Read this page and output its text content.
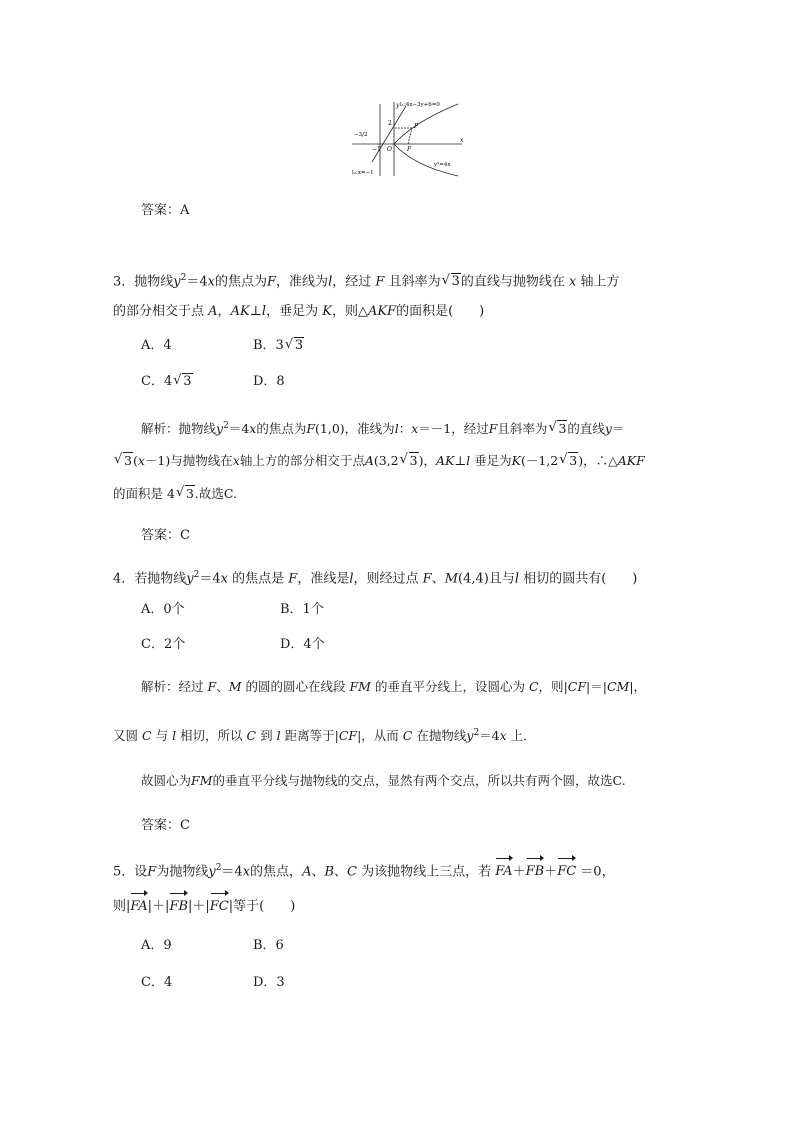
y
x
l₁:4x−3y+6=0
y²=4x
l₂:x=−1
−3/2
2
−1 O	F
P
答案：A
3．抛物线$y^2=4x$的焦点为F，准线为l，经过 F 且斜率为 √ 3的直线与抛物线在 x 轴上方
的部分相交于点 A，AK⊥l，垂足为 K，则△AKF的面积是(　　)
A．4	B．3 √ 3
C．4 √ 3	D．8
解析：抛物线$y^2=4x$的焦点为F(1,0)，准线为l：x＝－1，经过F且斜率为 √ 3的直线y＝
√ 3(x－1)与抛物线在x轴上方的部分相交于点A(3,2 √ 3)，AK⊥l 垂足为K(－1,2 √ 3)，∴△AKF
的面积是 4 √ 3.故选C.
答案：C
4．若抛物线$y^2=4x$ 的焦点是 F，准线是l，则经过点 F、M(4,4)且与l 相切的圆共有(　　)
A．0个	B．1个
C．2个	D．4个
解析：经过 F、M 的圆的圆心在线段 FM 的垂直平分线上，设圆心为 C，则|CF|＝|CM|，
又圆 C 与 l 相切，所以 C 到 l 距离等于|CF|，从而 C 在抛物线$y^2=4x$ 上．
故圆心为FM的垂直平分线与抛物线的交点，显然有两个交点，所以共有两个圆，故选C.
答案：C
5．设F为抛物线$y^2=4x$的焦点，A、B、C 为该抛物线上三点，若 FA＋FB＋FC ＝0，
则|FA|＋|FB|＋|FC|等于(　　)
A．9	B．6
C．4	D．3
